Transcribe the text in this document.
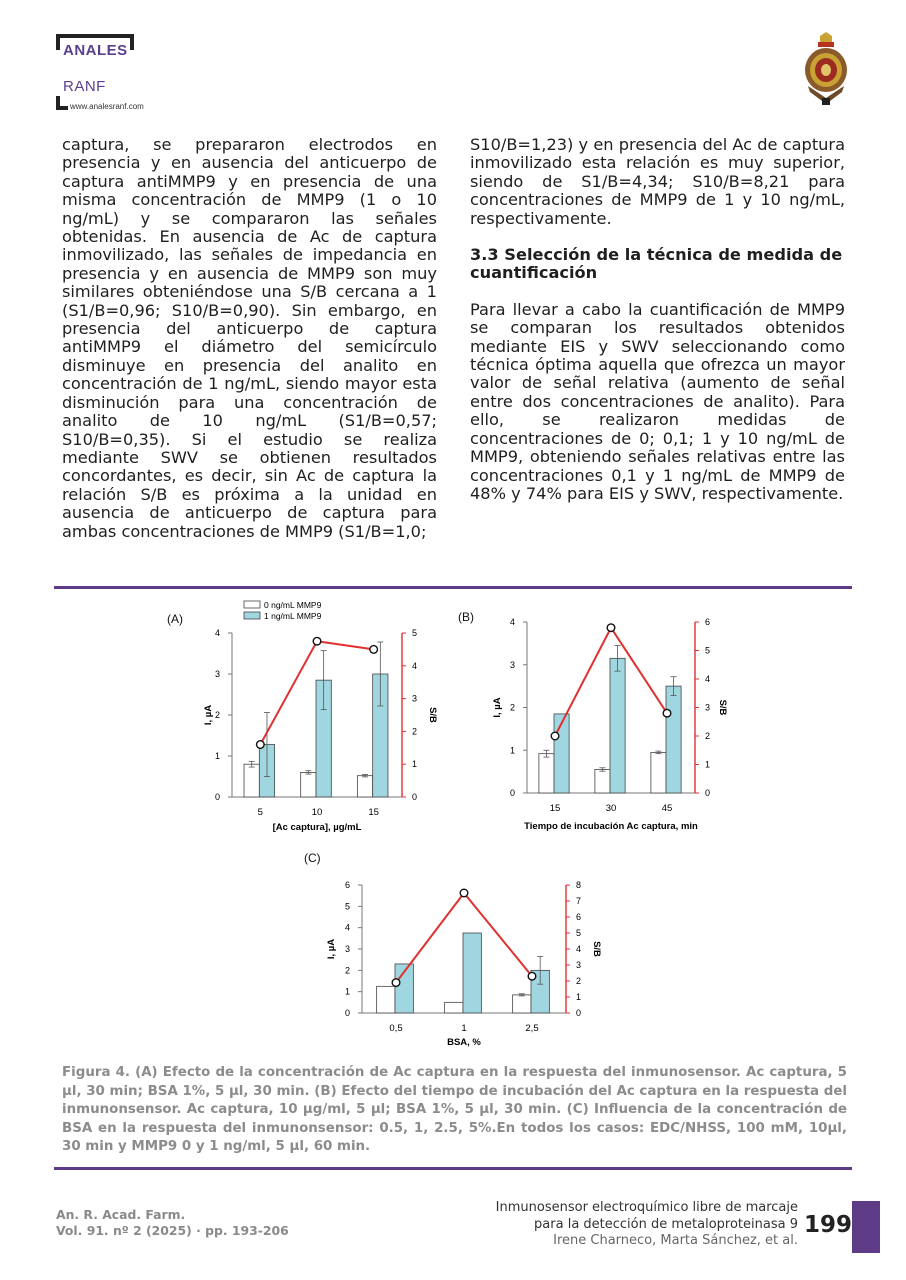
ANALES
RANF
www.analesranf.com

captura, se prepararon electrodos en presencia y en ausencia del anticuerpo de captura antiMMP9 y en presencia de una misma concentración de MMP9 (1 o 10 ng/mL) y se compararon las señales obtenidas. En ausencia de Ac de captura inmovilizado, las señales de impedancia en presencia y en ausencia de MMP9 son muy similares obteniéndose una S/B cercana a 1 (S1/B=0,96; S10/B=0,90). Sin embargo, en presencia del anticuerpo de captura antiMMP9 el diámetro del semicírculo disminuye en presencia del analito en concentración de 1 ng/mL, siendo mayor esta disminución para una concentración de analito de 10 ng/mL (S1/B=0,57; S10/B=0,35). Si el estudio se realiza mediante SWV se obtienen resultados concordantes, es decir, sin Ac de captura la relación S/B es próxima a la unidad en ausencia de anticuerpo de captura para ambas concentraciones de MMP9 (S1/B=1,0;

S10/B=1,23) y en presencia del Ac de captura inmovilizado esta relación es muy superior, siendo de S1/B=4,34; S10/B=8,21 para concentraciones de MMP9 de 1 y 10 ng/mL, respectivamente.

3.3 Selección de la técnica de medida de cuantificación

Para llevar a cabo la cuantificación de MMP9 se comparan los resultados obtenidos mediante EIS y SWV seleccionando como técnica óptima aquella que ofrezca un mayor valor de señal relativa (aumento de señal entre dos concentraciones de analito). Para ello, se realizaron medidas de concentraciones de 0; 0,1; 1 y 10 ng/mL de MMP9, obteniendo señales relativas entre las concentraciones 0,1 y 1 ng/mL de MMP9 de 48% y 74% para EIS y SWV, respectivamente.

(A)
0
1
2
3
4
0
1
2
3
4
5
I, µA	S/B
[Ac captura], µg/mL
5	10	15
0 ng/mL MMP9
1 ng/mL MMP9	(B)
0
1
2
3
4
0
1
2
3
4
5
6
I, µA	S/B
Tiempo de incubación Ac captura, min
15	30	45
(C)
0
1
2
3
4
5
6
0
1
2
3
4
5
6
7
8
I, µA	S/B
BSA, %
0,5	1	2,5
Figura 4. (A) Efecto de la concentración de Ac captura en la respuesta del inmunosensor. Ac captura, 5 µl, 30 min; BSA 1%, 5 µl, 30 min. (B) Efecto del tiempo de incubación del Ac captura en la respuesta del inmunonsensor. Ac captura, 10 µg/ml, 5 µl; BSA 1%, 5 µl, 30 min. (C) Influencia de la concentración de BSA en la respuesta del inmunonsensor: 0.5, 1, 2.5, 5%.En todos los casos: EDC/NHSS, 100 mM, 10µl, 30 min y MMP9 0 y 1 ng/ml, 5 µl, 60 min.
An. R. Acad. Farm.
Vol. 91. nº 2 (2025) · pp. 193-206
Inmunosensor electroquímico libre de marcaje
para la detección de metaloproteinasa 9
Irene Charneco, Marta Sánchez, et al.
199
